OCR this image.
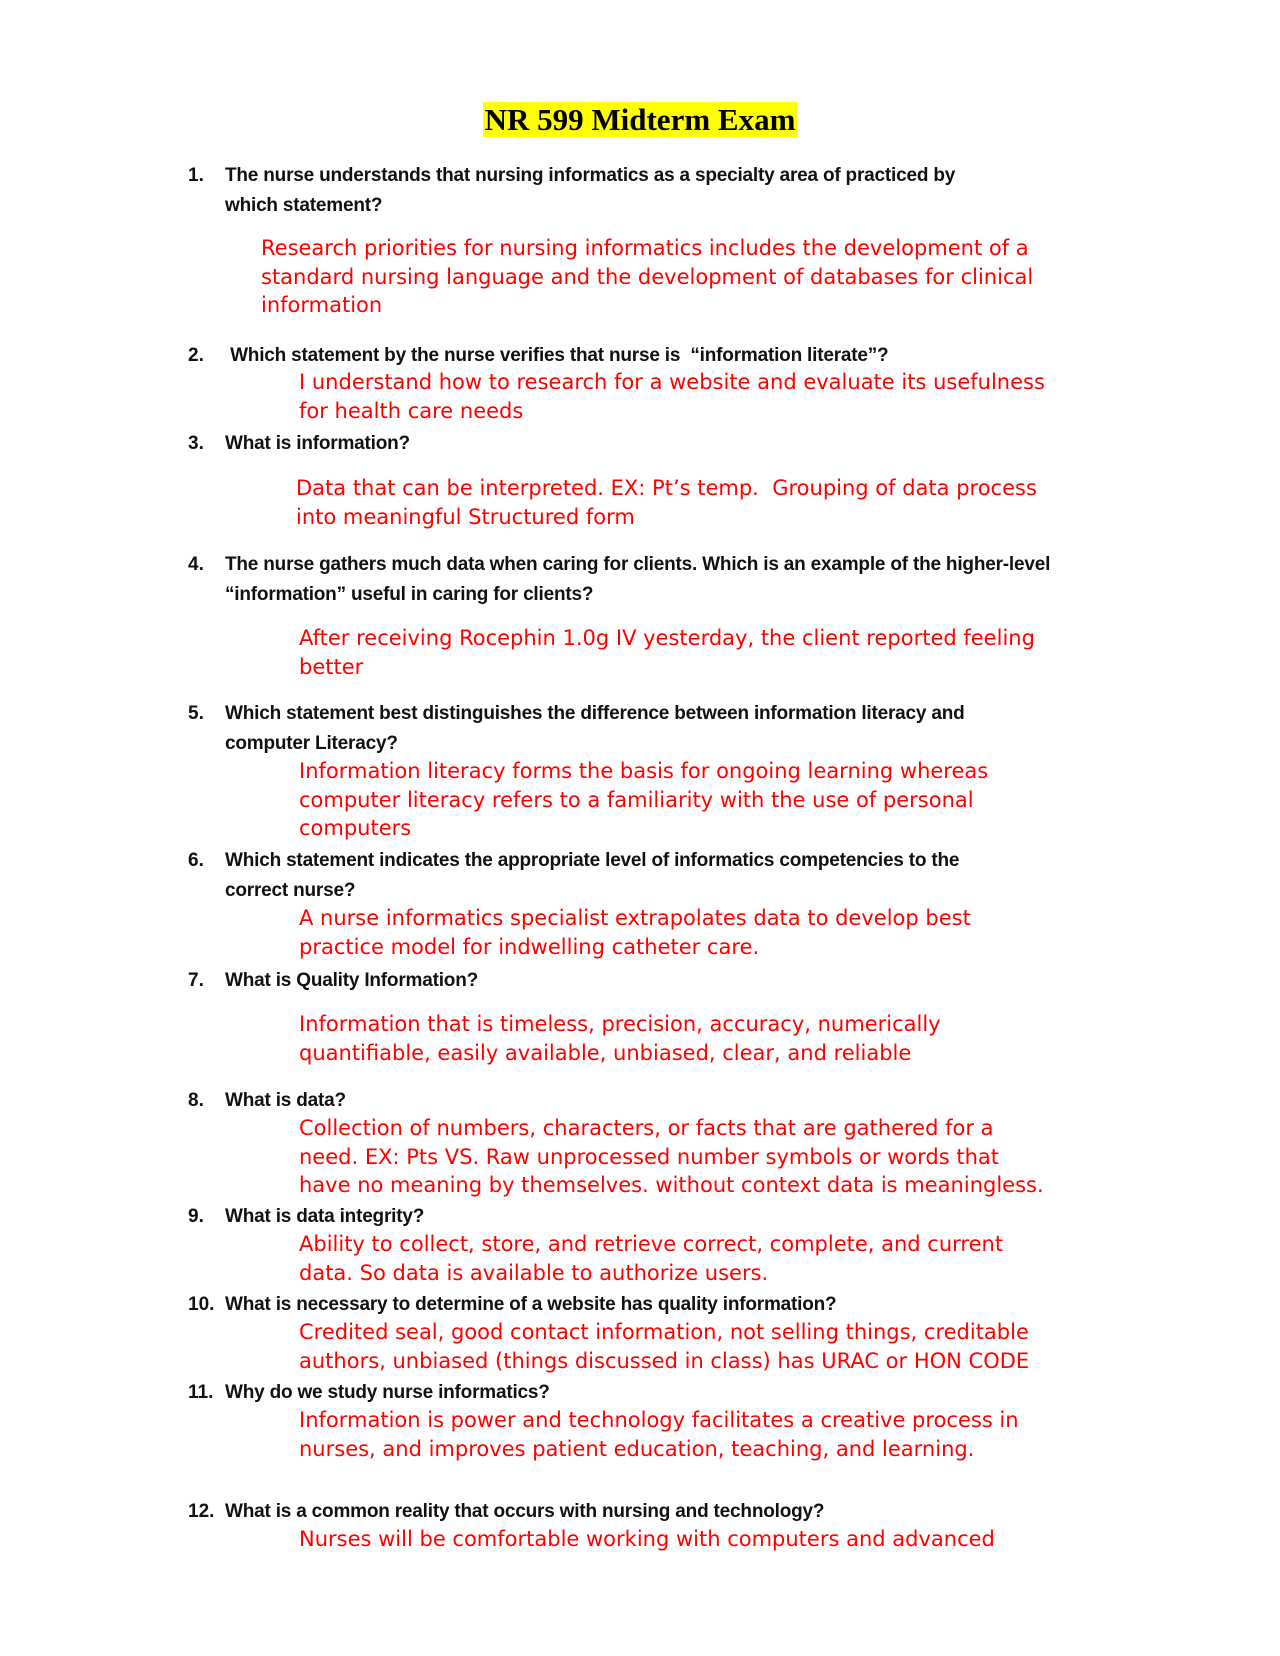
NR 599 Midterm Exam
1. The nurse understands that nursing informatics as a specialty area of practiced by
which statement?
Research priorities for nursing informatics includes the development of a
standard nursing language and the development of databases for clinical
information
2. Which statement by the nurse verifies that nurse is  “information literate”?
I understand how to research for a website and evaluate its usefulness
for health care needs
3. What is information?
Data that can be interpreted. EX: Pt’s temp.  Grouping of data process
into meaningful Structured form
4. The nurse gathers much data when caring for clients. Which is an example of the higher-level
“information” useful in caring for clients?
After receiving Rocephin 1.0g IV yesterday, the client reported feeling
better
5. Which statement best distinguishes the difference between information literacy and
computer Literacy?
Information literacy forms the basis for ongoing learning whereas
computer literacy refers to a familiarity with the use of personal
computers
6. Which statement indicates the appropriate level of informatics competencies to the
correct nurse?
A nurse informatics specialist extrapolates data to develop best
practice model for indwelling catheter care.
7. What is Quality Information?
Information that is timeless, precision, accuracy, numerically
quantifiable, easily available, unbiased, clear, and reliable
8. What is data?
Collection of numbers, characters, or facts that are gathered for a
need. EX: Pts VS. Raw unprocessed number symbols or words that
have no meaning by themselves. without context data is meaningless.
9. What is data integrity?
Ability to collect, store, and retrieve correct, complete, and current
data. So data is available to authorize users.
10. What is necessary to determine of a website has quality information?
Credited seal, good contact information, not selling things, creditable
authors, unbiased (things discussed in class) has URAC or HON CODE
11. Why do we study nurse informatics?
Information is power and technology facilitates a creative process in
nurses, and improves patient education, teaching, and learning.
12. What is a common reality that occurs with nursing and technology?
Nurses will be comfortable working with computers and advanced
